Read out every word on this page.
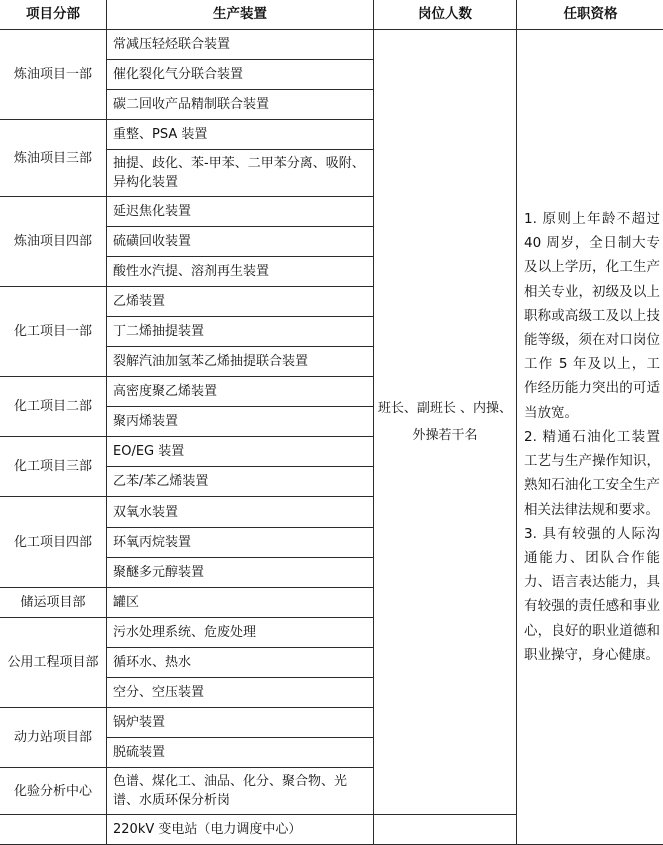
项目分部	生产装置	岗位人数	任职资格
炼油项目一部	常减压轻烃联合装置	班长、副班长 、内操、外操若干名	1. 原则上年龄不超过 40 周岁，全日制大专及以上学历，化工生产相关专业，初级及以上职称或高级工及以上技能等级，须在对口岗位工作 5 年及以上，工作经历能力突出的可适当放宽。
2. 精通石油化工装置工艺与生产操作知识，熟知石油化工安全生产相关法律法规和要求。
3. 具有较强的人际沟通能力、团队合作能力、语言表达能力，具有较强的责任感和事业心，良好的职业道德和职业操守，身心健康。

	催化裂化气分联合装置		
	碳二回收产品精制联合装置		
炼油项目三部	重整、PSA 装置		
	抽提、歧化、苯-甲苯、二甲苯分离、吸附、异构化装置		
炼油项目四部	延迟焦化装置		
	硫磺回收装置		
	酸性水汽提、溶剂再生装置		
化工项目一部	乙烯装置		
	丁二烯抽提装置		
	裂解汽油加氢苯乙烯抽提联合装置		
化工项目二部	高密度聚乙烯装置		
	聚丙烯装置		
化工项目三部	EO/EG 装置		
	乙苯/苯乙烯装置		
化工项目四部	双氧水装置		
	环氧丙烷装置		
	聚醚多元醇装置		
储运项目部	罐区		
公用工程项目部	污水处理系统、危废处理		
	循环水、热水		
	空分、空压装置		
动力站项目部	锅炉装置		
	脱硫装置		
化验分析中心	色谱、煤化工、油品、化分、聚合物、光谱、水质环保分析岗		
	220kV 变电站（电力调度中心）		
